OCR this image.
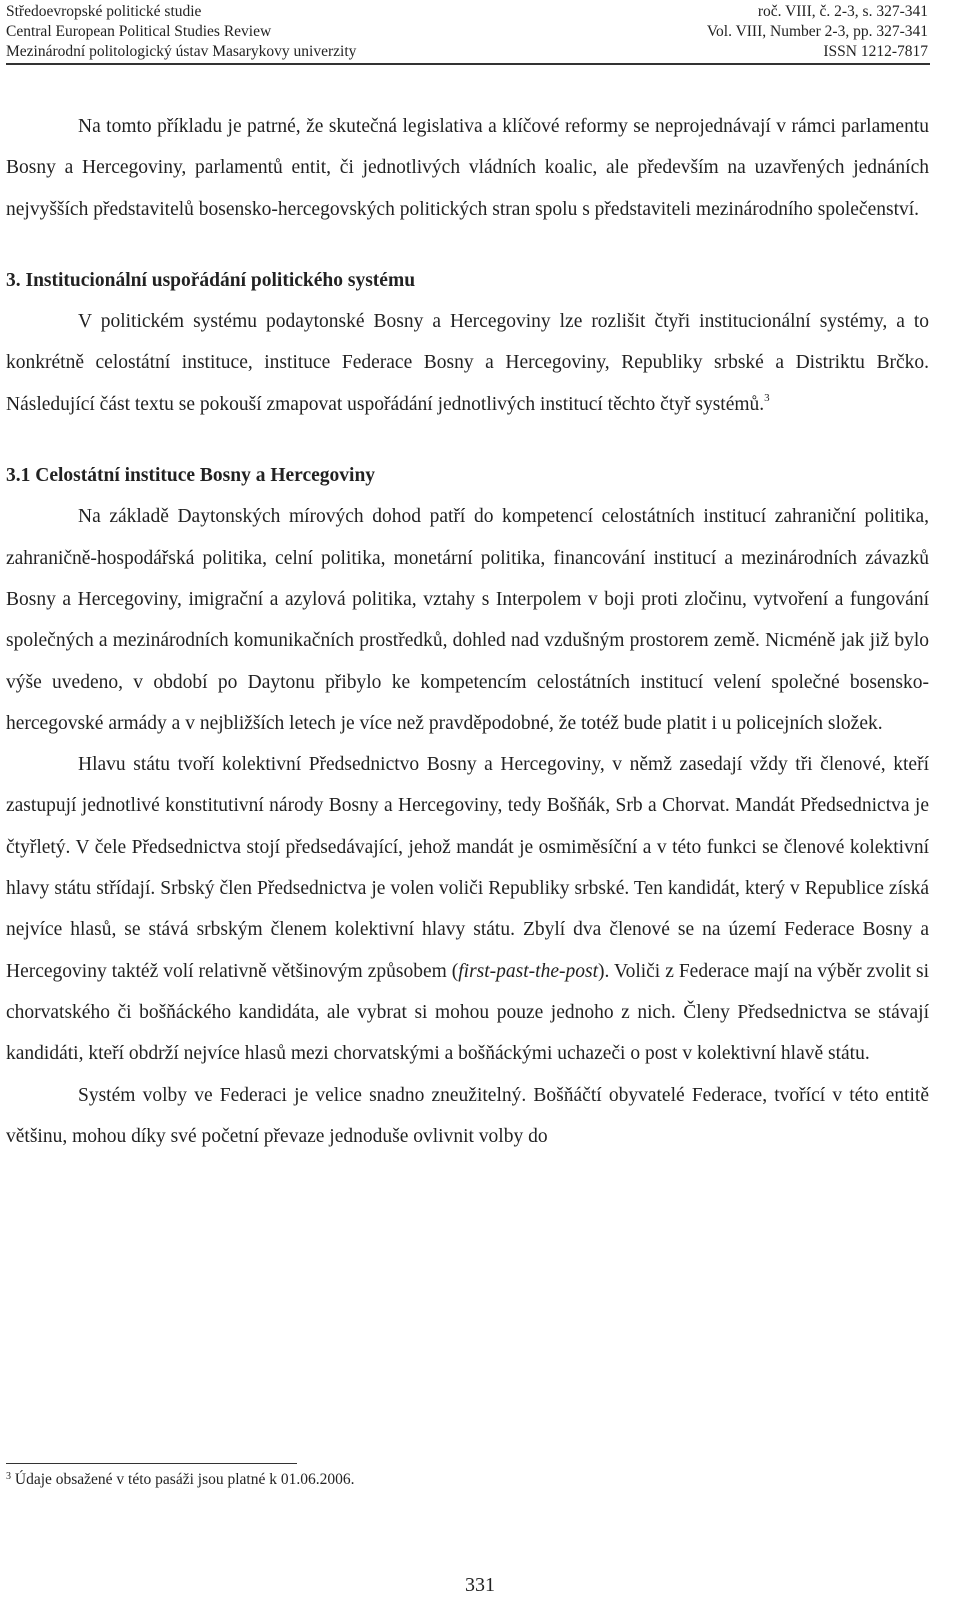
Středoevropské politické studie	roč. VIII, č. 2-3, s. 327-341
Central European Political Studies Review	Vol. VIII, Number 2-3, pp. 327-341
Mezinárodní politologický ústav Masarykovy univerzity	ISSN 1212-7817

Na tomto příkladu je patrné, že skutečná legislativa a klíčové reformy se neprojednávají v rámci parlamentu Bosny a Hercegoviny, parlamentů entit, či jednotlivých vládních koalic, ale především na uzavřených jednáních nejvyšších představitelů bosensko-hercegovských politických stran spolu s představiteli mezinárodního společenství.

3. Institucionální uspořádání politického systému

V politickém systému podaytonské Bosny a Hercegoviny lze rozlišit čtyři institucionální systémy, a to konkrétně celostátní instituce, instituce Federace Bosny a Hercegoviny, Republiky srbské a Distriktu Brčko. Následující část textu se pokouší zmapovat uspořádání jednotlivých institucí těchto čtyř systémů.$^3$

3.1 Celostátní instituce Bosny a Hercegoviny

Na základě Daytonských mírových dohod patří do kompetencí celostátních institucí zahraniční politika, zahraničně-hospodářská politika, celní politika, monetární politika, financování institucí a mezinárodních závazků Bosny a Hercegoviny, imigrační a azylová politika, vztahy s Interpolem v boji proti zločinu, vytvoření a fungování společných a mezinárodních komunikačních prostředků, dohled nad vzdušným prostorem země. Nicméně jak již bylo výše uvedeno, v období po Daytonu přibylo ke kompetencím celostátních institucí velení společné bosensko-hercegovské armády a v nejbližších letech je více než pravděpodobné, že totéž bude platit i u policejních složek.

Hlavu státu tvoří kolektivní Předsednictvo Bosny a Hercegoviny, v němž zasedají vždy tři členové, kteří zastupují jednotlivé konstitutivní národy Bosny a Hercegoviny, tedy Bošňák, Srb a Chorvat. Mandát Předsednictva je čtyřletý. V čele Předsednictva stojí předsedávající, jehož mandát je osmiměsíční a v této funkci se členové kolektivní hlavy státu střídají. Srbský člen Předsednictva je volen voliči Republiky srbské. Ten kandidát, který v Republice získá nejvíce hlasů, se stává srbským členem kolektivní hlavy státu. Zbylí dva členové se na území Federace Bosny a Hercegoviny taktéž volí relativně většinovým způsobem (first-past-the-post). Voliči z Federace mají na výběr zvolit si chorvatského či bošňáckého kandidáta, ale vybrat si mohou pouze jednoho z nich. Členy Předsednictva se stávají kandidáti, kteří obdrží nejvíce hlasů mezi chorvatskými a bošňáckými uchazeči o post v kolektivní hlavě státu.

Systém volby ve Federaci je velice snadno zneužitelný. Bošňáčtí obyvatelé Federace, tvořící v této entitě většinu, mohou díky své početní převaze jednoduše ovlivnit volby do

$^3$ Údaje obsažené v této pasáži jsou platné k 01.06.2006.
331
